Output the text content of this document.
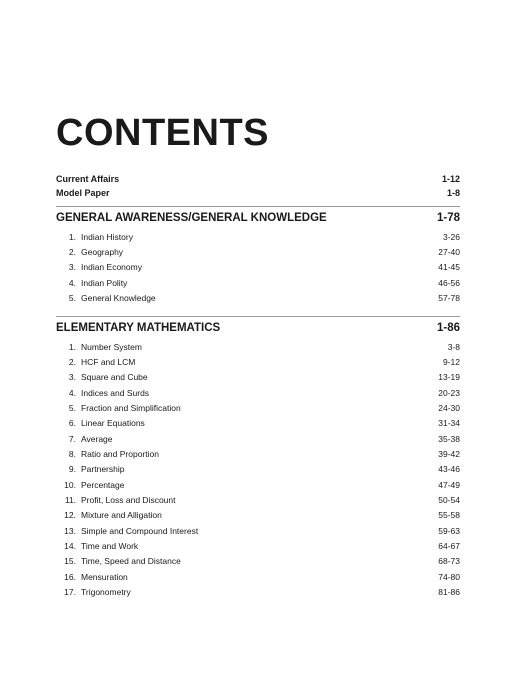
CONTENTS
Current Affairs	1-12
Model Paper	1-8
GENERAL AWARENESS/GENERAL KNOWLEDGE	1-78
1. Indian History	3-26
2. Geography	27-40
3. Indian Economy	41-45
4. Indian Polity	46-56
5. General Knowledge	57-78
ELEMENTARY MATHEMATICS	1-86
1. Number System	3-8
2. HCF and LCM	9-12
3. Square and Cube	13-19
4. Indices and Surds	20-23
5. Fraction and Simplification	24-30
6. Linear Equations	31-34
7. Average	35-38
8. Ratio and Proportion	39-42
9. Partnership	43-46
10. Percentage	47-49
11. Profit, Loss and Discount	50-54
12. Mixture and Alligation	55-58
13. Simple and Compound Interest	59-63
14. Time and Work	64-67
15. Time, Speed and Distance	68-73
16. Mensuration	74-80
17. Trigonometry	81-86
